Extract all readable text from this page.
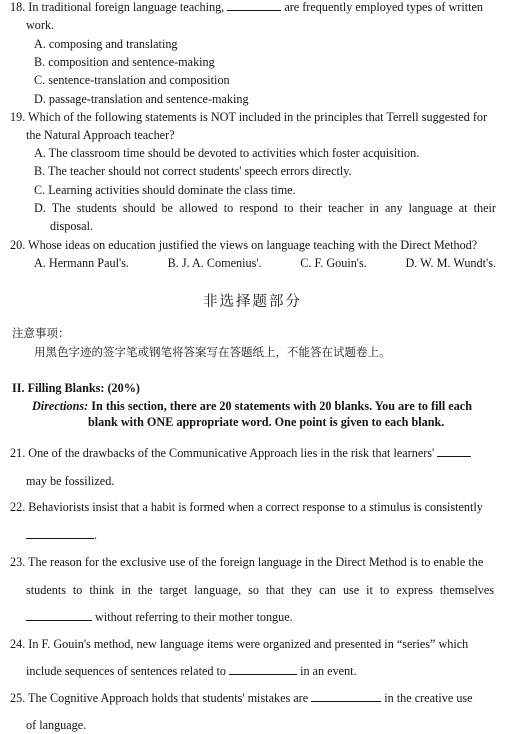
18. In traditional foreign language teaching,	are frequently employed types of written
work.
A. composing and translating
B. composition and sentence-making
C. sentence-translation and composition
D. passage-translation and sentence-making
19. Which of the following statements is NOT included in the principles that Terrell suggested for
the Natural Approach teacher?
A. The classroom time should be devoted to activities which foster acquisition.
B. The teacher should not correct students' speech errors directly.
C. Learning activities should dominate the class time.
D. The students should be allowed to respond to their teacher in any language at their
disposal.
20. Whose ideas on education justified the views on language teaching with the Direct Method?
A. Hermann Paul's.	B. J. A. Comenius'.	C. F. Gouin's.	D. W. M. Wundt's.
非选择题部分
注意事项：
用黑色字迹的签字笔或钢笔将答案写在答题纸上，不能答在试题卷上。
II. Filling Blanks: (20%)
Directions: In this section, there are 20 statements with 20 blanks. You are to fill each
blank with ONE appropriate word. One point is given to each blank.
21. One of the drawbacks of the Communicative Approach lies in the risk that learners'
may be fossilized.
22. Behaviorists insist that a habit is formed when a correct response to a stimulus is consistently
.
23. The reason for the exclusive use of the foreign language in the Direct Method is to enable the
students to think in the target language, so that they can use it to express themselves
without referring to their mother tongue.
24. In F. Gouin's method, new language items were organized and presented in “series” which
include sequences of sentences related to	in an event.
25. The Cognitive Approach holds that students' mistakes are	in the creative use
of language.
